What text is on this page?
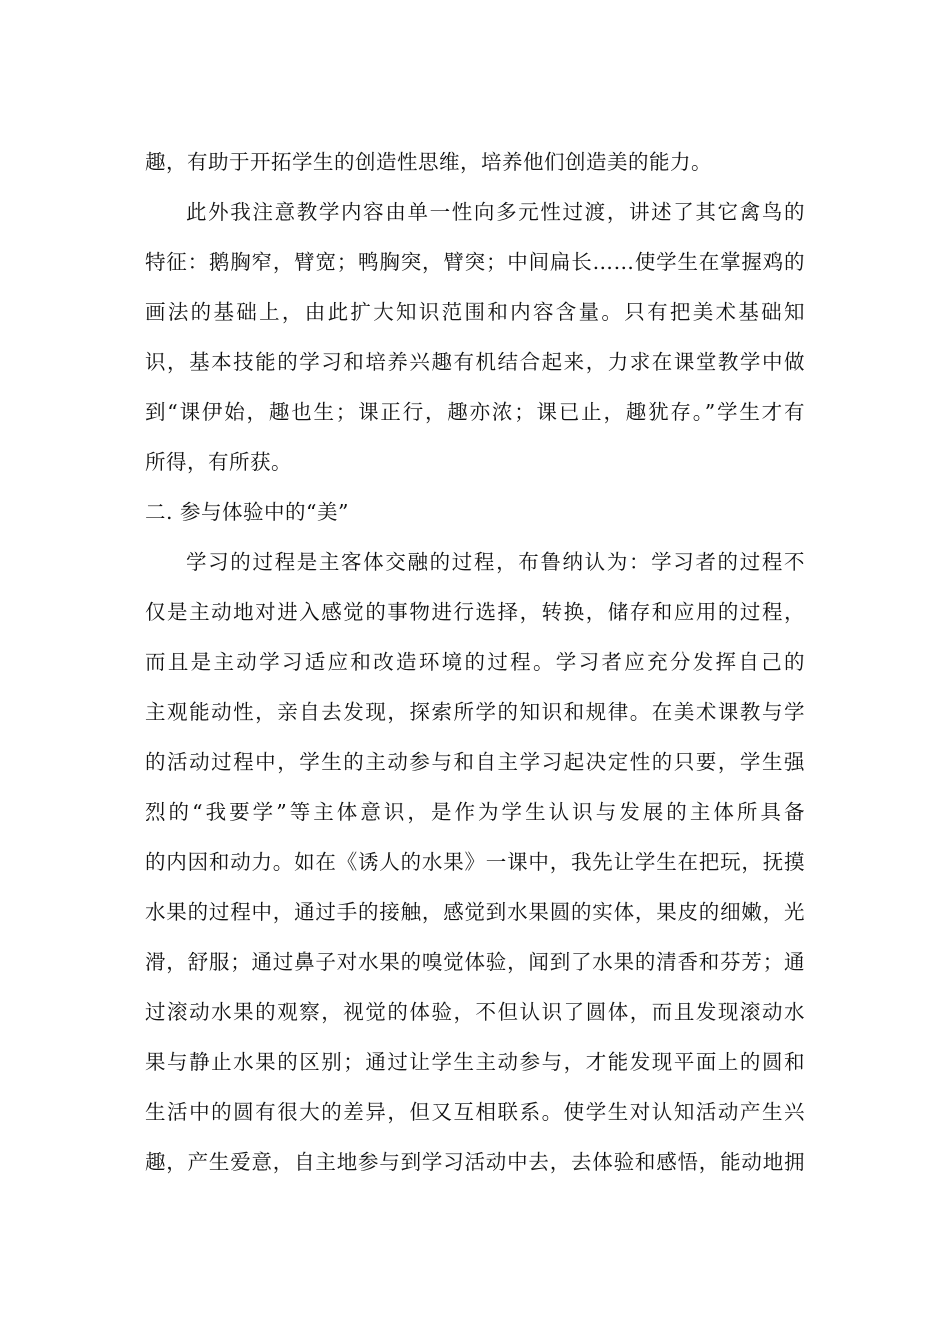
趣，有助于开拓学生的创造性思维，培养他们创造美的能力。
此外我注意教学内容由单一性向多元性过渡，讲述了其它禽鸟的
特征：鹅胸窄，臂宽；鸭胸突，臂突；中间扁长……使学生在掌握鸡的
画法的基础上，由此扩大知识范围和内容含量。只有把美术基础知
识，基本技能的学习和培养兴趣有机结合起来，力求在课堂教学中做
到“课伊始，趣也生；课正行，趣亦浓；课已止，趣犹存。”学生才有
所得，有所获。
二. 参与体验中的“美”
学习的过程是主客体交融的过程，布鲁纳认为：学习者的过程不
仅是主动地对进入感觉的事物进行选择，转换，储存和应用的过程，
而且是主动学习适应和改造环境的过程。学习者应充分发挥自己的
主观能动性，亲自去发现，探索所学的知识和规律。在美术课教与学
的活动过程中，学生的主动参与和自主学习起决定性的只要，学生强
烈的“我要学”等主体意识，是作为学生认识与发展的主体所具备
的内因和动力。如在《诱人的水果》一课中，我先让学生在把玩，抚摸
水果的过程中，通过手的接触，感觉到水果圆的实体，果皮的细嫩，光
滑，舒服；通过鼻子对水果的嗅觉体验，闻到了水果的清香和芬芳；通
过滚动水果的观察，视觉的体验，不但认识了圆体，而且发现滚动水
果与静止水果的区别；通过让学生主动参与，才能发现平面上的圆和
生活中的圆有很大的差异，但又互相联系。使学生对认知活动产生兴
趣，产生爱意，自主地参与到学习活动中去，去体验和感悟，能动地拥
